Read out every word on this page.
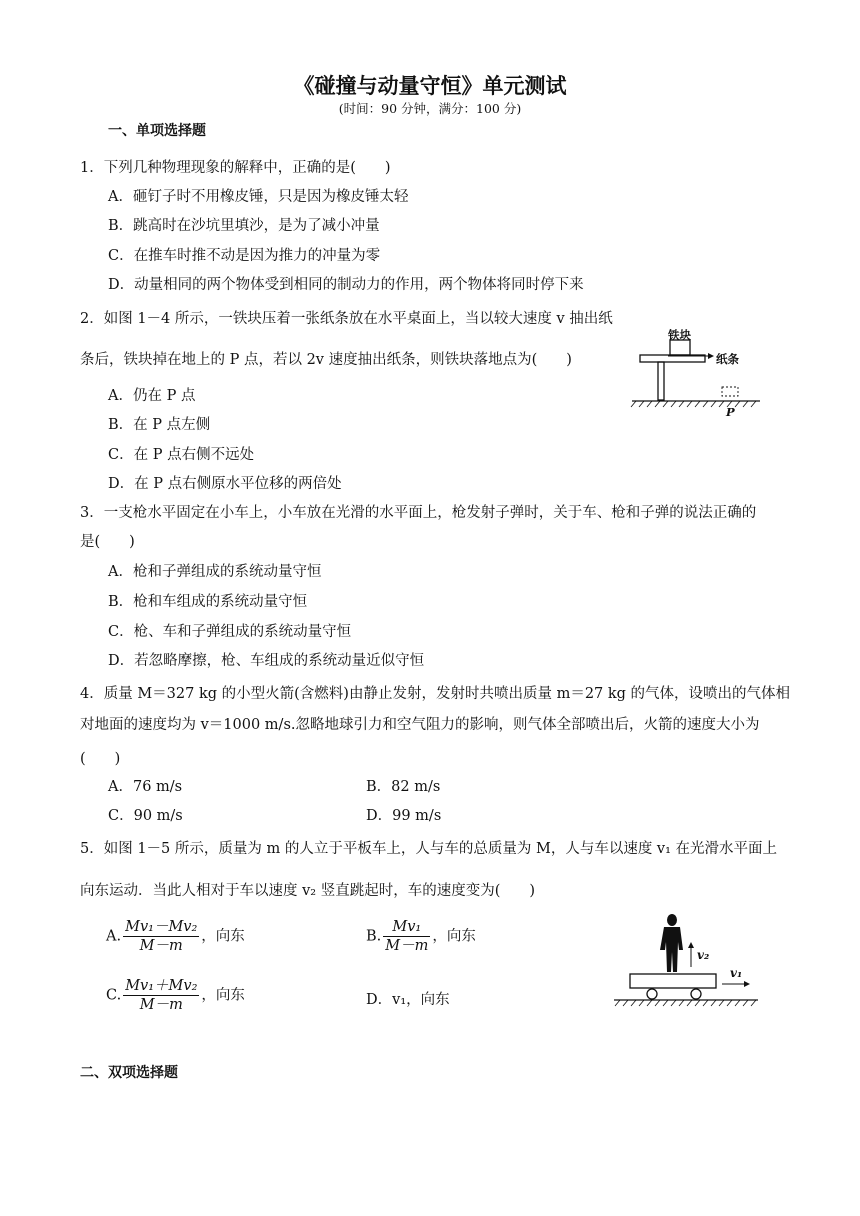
《碰撞与动量守恒》单元测试
(时间：90 分钟，满分：100 分)
一、单项选择题
1．下列几种物理现象的解释中，正确的是(　　)
A．砸钉子时不用橡皮锤，只是因为橡皮锤太轻
B．跳高时在沙坑里填沙，是为了减小冲量
C．在推车时推不动是因为推力的冲量为零
D．动量相同的两个物体受到相同的制动力的作用，两个物体将同时停下来
2．如图 1－4 所示，一铁块压着一张纸条放在水平桌面上，当以较大速度 v 抽出纸
条后，铁块掉在地上的 P 点，若以 2v 速度抽出纸条，则铁块落地点为(　　)
A．仍在 P 点
B．在 P 点左侧
C．在 P 点右侧不远处
D．在 P 点右侧原水平位移的两倍处
铁块
纸条
P
3．一支枪水平固定在小车上，小车放在光滑的水平面上，枪发射子弹时，关于车、枪和子弹的说法正确的
是(　　)
A．枪和子弹组成的系统动量守恒
B．枪和车组成的系统动量守恒
C．枪、车和子弹组成的系统动量守恒
D．若忽略摩擦，枪、车组成的系统动量近似守恒
4．质量 M＝327 kg 的小型火箭(含燃料)由静止发射，发射时共喷出质量 m＝27 kg 的气体，设喷出的气体相
对地面的速度均为 v＝1000 m/s.忽略地球引力和空气阻力的影响，则气体全部喷出后，火箭的速度大小为
(　　)
A．76 m/s	B．82 m/s
C．90 m/s	D．99 m/s
5．如图 1－5 所示，质量为 m 的人立于平板车上，人与车的总质量为 M，人与车以速度 v₁ 在光滑水平面上
向东运动．当此人相对于车以速度 v₂ 竖直跳起时，车的速度变为(　　)
A. $\frac{\text{Mv₁－Mv₂}}{M-m}$ ，向东	B. $\frac{\text{Mv₁}}{M-m}$ ，向东
C. $\frac{\text{Mv₁＋Mv₂}}{M-m}$ ，向东	D．v₁，向东
v₂
v₁
二、双项选择题
